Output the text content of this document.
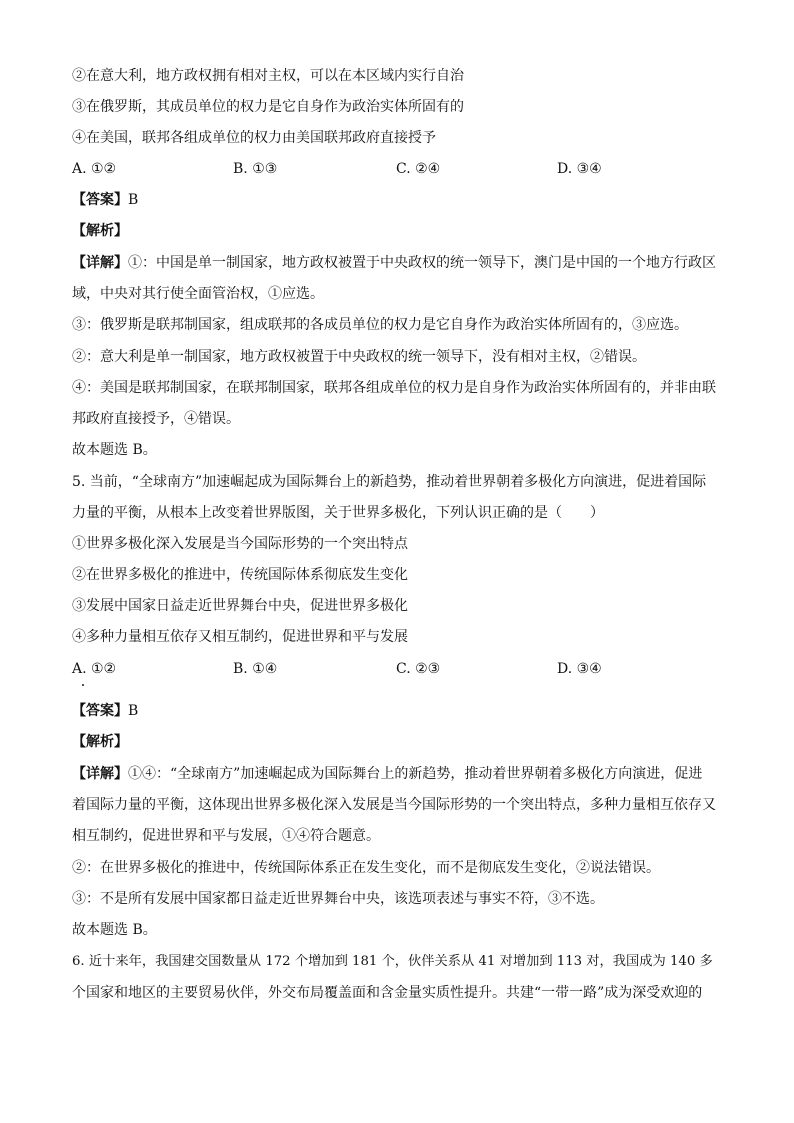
②在意大利，地方政权拥有相对主权，可以在本区域内实行自治
③在俄罗斯，其成员单位的权力是它自身作为政治实体所固有的
④在美国，联邦各组成单位的权力由美国联邦政府直接授予
A. ①②	B. ①③	C. ②④	D. ③④
【答案】B
【解析】
【详解】①：中国是单一制国家，地方政权被置于中央政权的统一领导下，澳门是中国的一个地方行政区
域，中央对其行使全面管治权，①应选。
③：俄罗斯是联邦制国家，组成联邦的各成员单位的权力是它自身作为政治实体所固有的，③应选。
②：意大利是单一制国家，地方政权被置于中央政权的统一领导下，没有相对主权，②错误。
④：美国是联邦制国家，在联邦制国家，联邦各组成单位的权力是自身作为政治实体所固有的，并非由联
邦政府直接授予，④错误。
故本题选 B。
5. 当前，“全球南方”加速崛起成为国际舞台上的新趋势，推动着世界朝着多极化方向演进，促进着国际
力量的平衡，从根本上改变着世界版图，关于世界多极化，下列认识正确的是（　　）
①世界多极化深入发展是当今国际形势的一个突出特点
②在世界多极化的推进中，传统国际体系彻底发生变化
③发展中国家日益走近世界舞台中央，促进世界多极化
④多种力量相互依存又相互制约，促进世界和平与发展
A. ①②	B. ①④	C. ②③	D. ③④
【答案】B
【解析】
【详解】①④：“全球南方”加速崛起成为国际舞台上的新趋势，推动着世界朝着多极化方向演进，促进
着国际力量的平衡，这体现出世界多极化深入发展是当今国际形势的一个突出特点，多种力量相互依存又
相互制约，促进世界和平与发展，①④符合题意。
②：在世界多极化的推进中，传统国际体系正在发生变化，而不是彻底发生变化，②说法错误。
③：不是所有发展中国家都日益走近世界舞台中央，该选项表述与事实不符，③不选。
故本题选 B。
6. 近十来年，我国建交国数量从 172 个增加到 181 个，伙伴关系从 41 对增加到 113 对，我国成为 140 多
个国家和地区的主要贸易伙伴，外交布局覆盖面和含金量实质性提升。共建“一带一路”成为深受欢迎的
